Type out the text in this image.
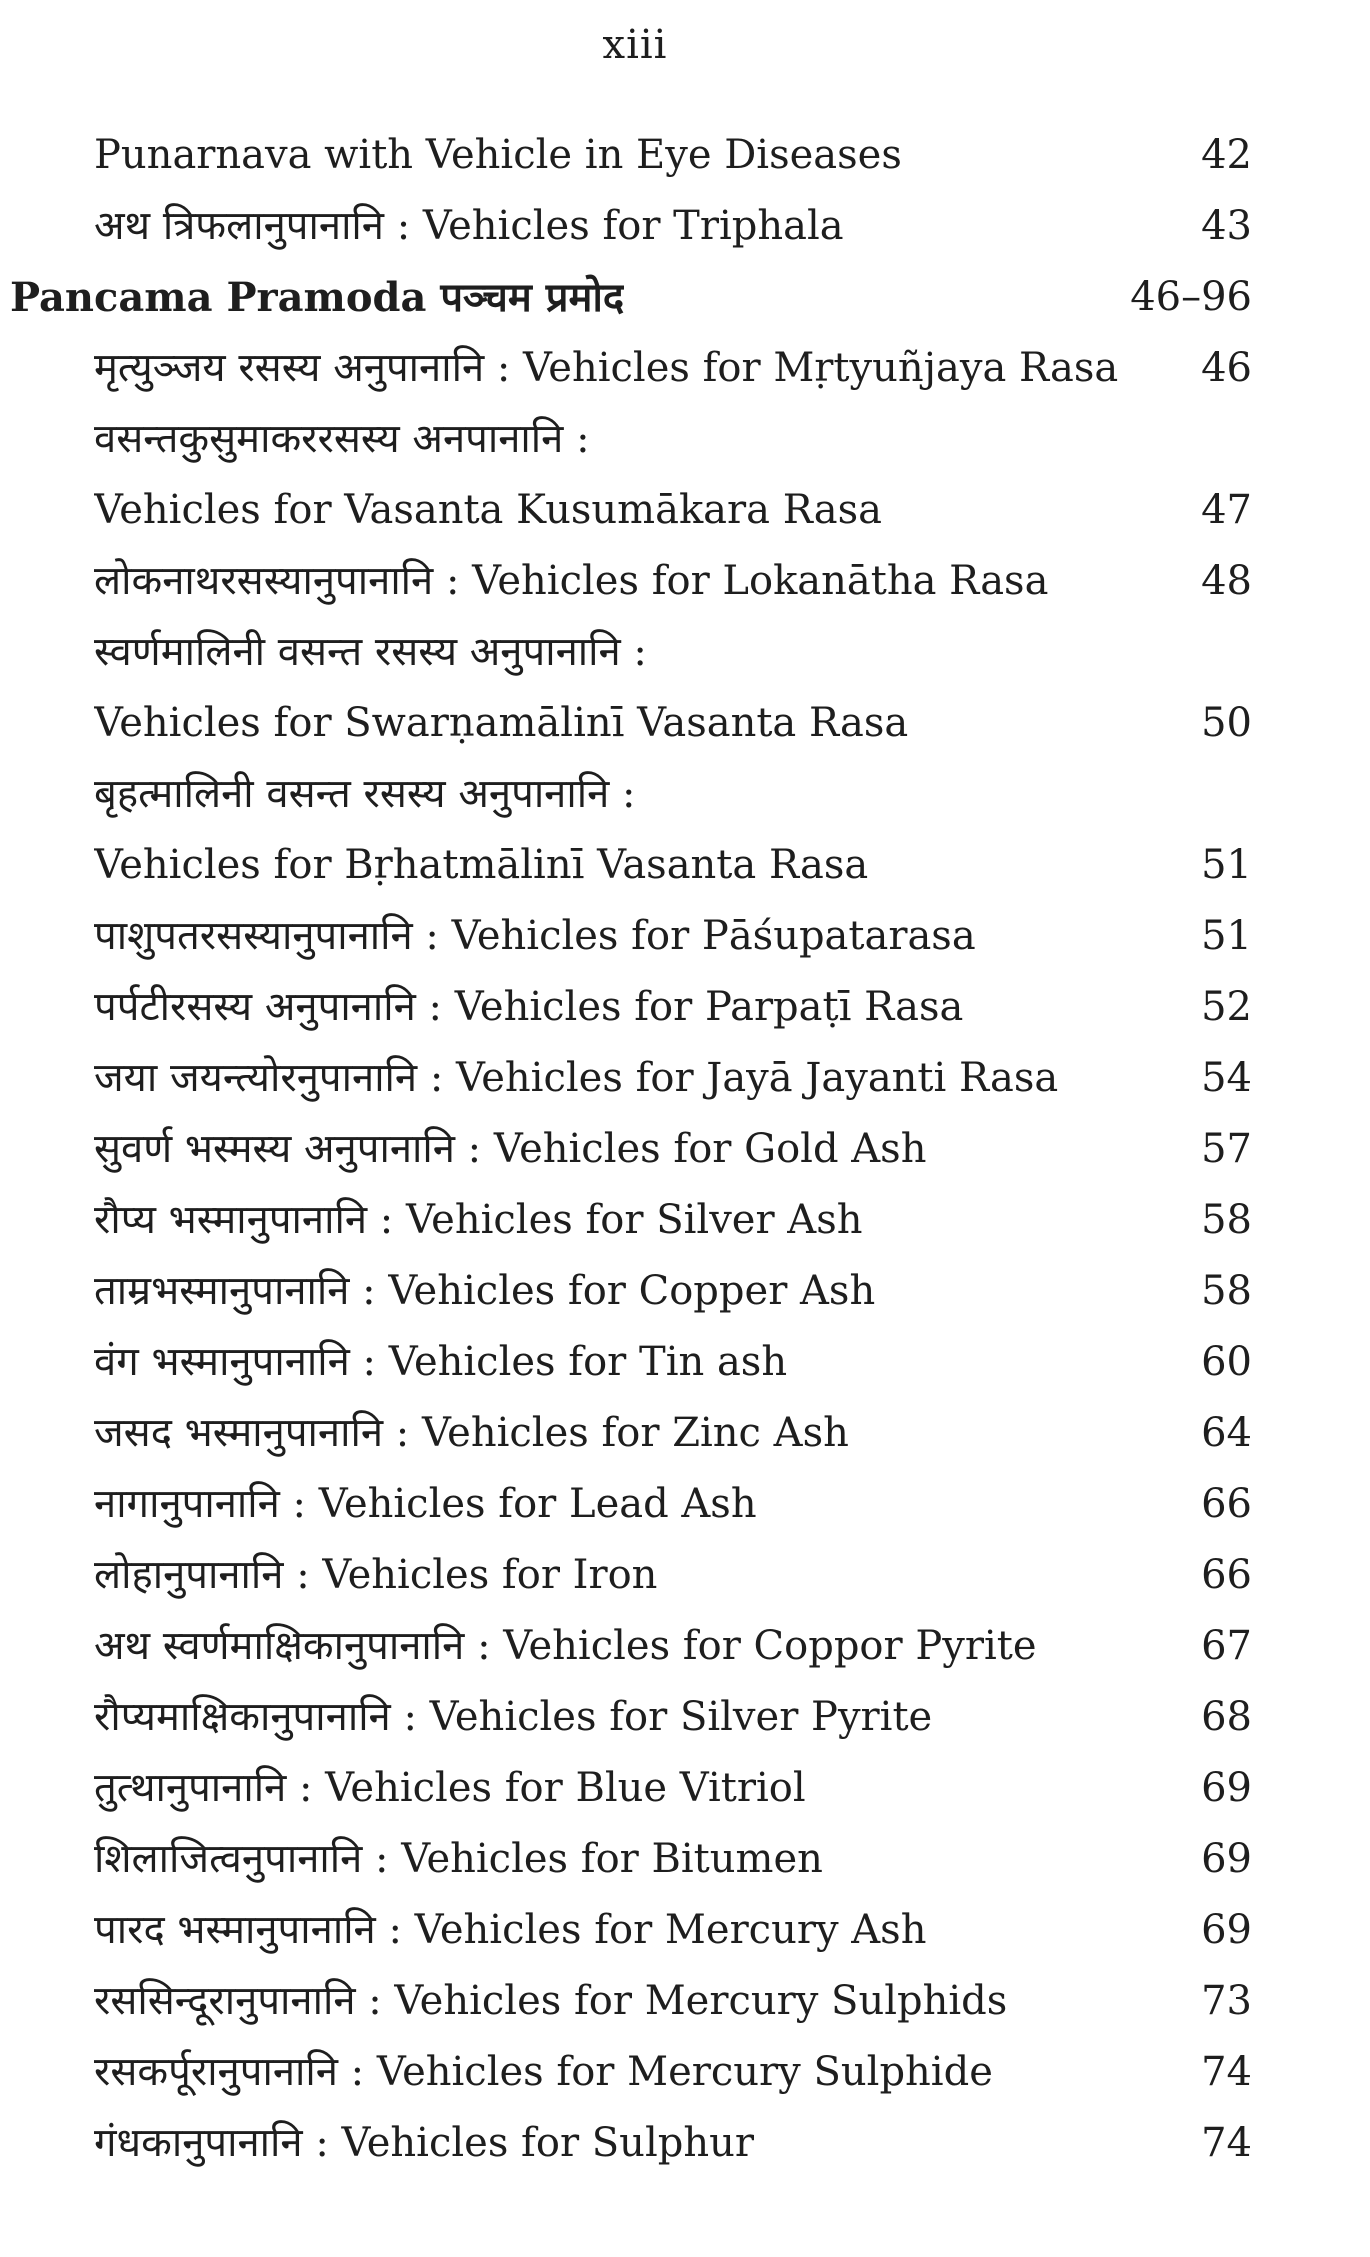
xiii
Punarnava with Vehicle in Eye Diseases	42
अथ त्रिफलानुपानानि : Vehicles for Triphala	43
Pancama Pramoda पञ्चम प्रमोद	46–96
मृत्युञ्जय रसस्य अनुपानानि : Vehicles for Mṛtyuñjaya Rasa 46
वसन्तकुसुमाकररसस्य अनपानानि :
Vehicles for Vasanta Kusumākara Rasa	47
लोकनाथरसस्यानुपानानि : Vehicles for Lokanātha Rasa	48
स्वर्णमालिनी वसन्त रसस्य अनुपानानि :
Vehicles for Swarṇamālinī Vasanta Rasa	50
बृहत्मालिनी वसन्त रसस्य अनुपानानि :
Vehicles for Bṛhatmālinī Vasanta Rasa	51
पाशुपतरसस्यानुपानानि : Vehicles for Pāśupatarasa	51
पर्पटीरसस्य अनुपानानि : Vehicles for Parpaṭī Rasa	52
जया जयन्त्योरनुपानानि : Vehicles for Jayā Jayanti Rasa	54
सुवर्ण भस्मस्य अनुपानानि : Vehicles for Gold Ash	57
रौप्य भस्मानुपानानि : Vehicles for Silver Ash	58
ताम्रभस्मानुपानानि : Vehicles for Copper Ash	58
वंग भस्मानुपानानि : Vehicles for Tin ash	60
जसद भस्मानुपानानि : Vehicles for Zinc Ash	64
नागानुपानानि : Vehicles for Lead Ash	66
लोहानुपानानि : Vehicles for Iron	66
अथ स्वर्णमाक्षिकानुपानानि : Vehicles for Coppor Pyrite	67
रौप्यमाक्षिकानुपानानि : Vehicles for Silver Pyrite	68
तुत्थानुपानानि : Vehicles for Blue Vitriol	69
शिलाजित्वनुपानानि : Vehicles for Bitumen	69
पारद भस्मानुपानानि : Vehicles for Mercury Ash	69
रससिन्दूरानुपानानि : Vehicles for Mercury Sulphids	73
रसकर्पूरानुपानानि : Vehicles for Mercury Sulphide	74
गंधकानुपानानि : Vehicles for Sulphur	74
